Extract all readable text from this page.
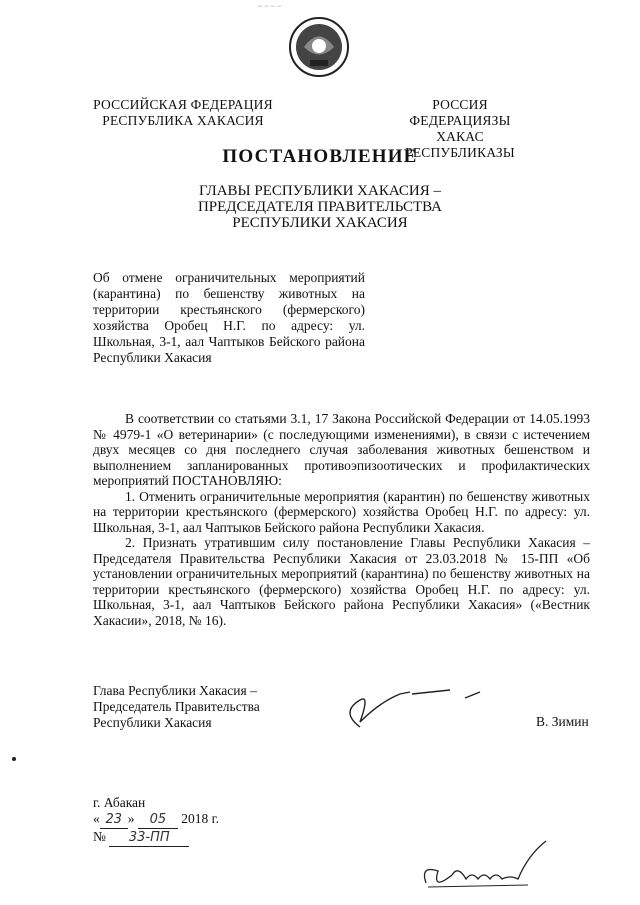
~ ~ ~ ~
РОССИЙСКАЯ ФЕДЕРАЦИЯ
РЕСПУБЛИКА ХАКАСИЯ
РОССИЯ ФЕДЕРАЦИЯЗЫ
ХАКАС РЕСПУБЛИКАЗЫ
ПОСТАНОВЛЕНИЕ
ГЛАВЫ РЕСПУБЛИКИ ХАКАСИЯ –
ПРЕДСЕДАТЕЛЯ ПРАВИТЕЛЬСТВА
РЕСПУБЛИКИ ХАКАСИЯ
Об отмене ограничительных мероприятий (карантина) по бешенству животных на территории крестьянского (фермерского) хозяйства Оробец Н.Г. по адресу: ул. Школьная, 3-1, аал Чаптыков Бейского района Республики Хакасия

В соответствии со статьями 3.1, 17 Закона Российской Федерации от 14.05.1993 № 4979-1 «О ветеринарии» (с последующими изменениями), в связи с истечением двух месяцев со дня последнего случая заболевания животных бешенством и выполнением запланированных противоэпизоотических и профилактических мероприятий ПОСТАНОВЛЯЮ:

1. Отменить ограничительные мероприятия (карантин) по бешенству животных на территории крестьянского (фермерского) хозяйства Оробец Н.Г. по адресу: ул. Школьная, 3-1, аал Чаптыков Бейского района Республики Хакасия.

2. Признать утратившим силу постановление Главы Республики Хакасия – Председателя Правительства Республики Хакасия от 23.03.2018 № 15-ПП «Об установлении ограничительных мероприятий (карантина) по бешенству животных на территории крестьянского (фермерского) хозяйства Оробец Н.Г. по адресу: ул. Школьная, 3-1, аал Чаптыков Бейского района Республики Хакасия» («Вестник Хакасии», 2018, № 16).

Глава Республики Хакасия –
Председатель Правительства
Республики Хакасия	В. Зимин
г. Абакан
« 23 » 05 2018 г.
№ 33-ПП
